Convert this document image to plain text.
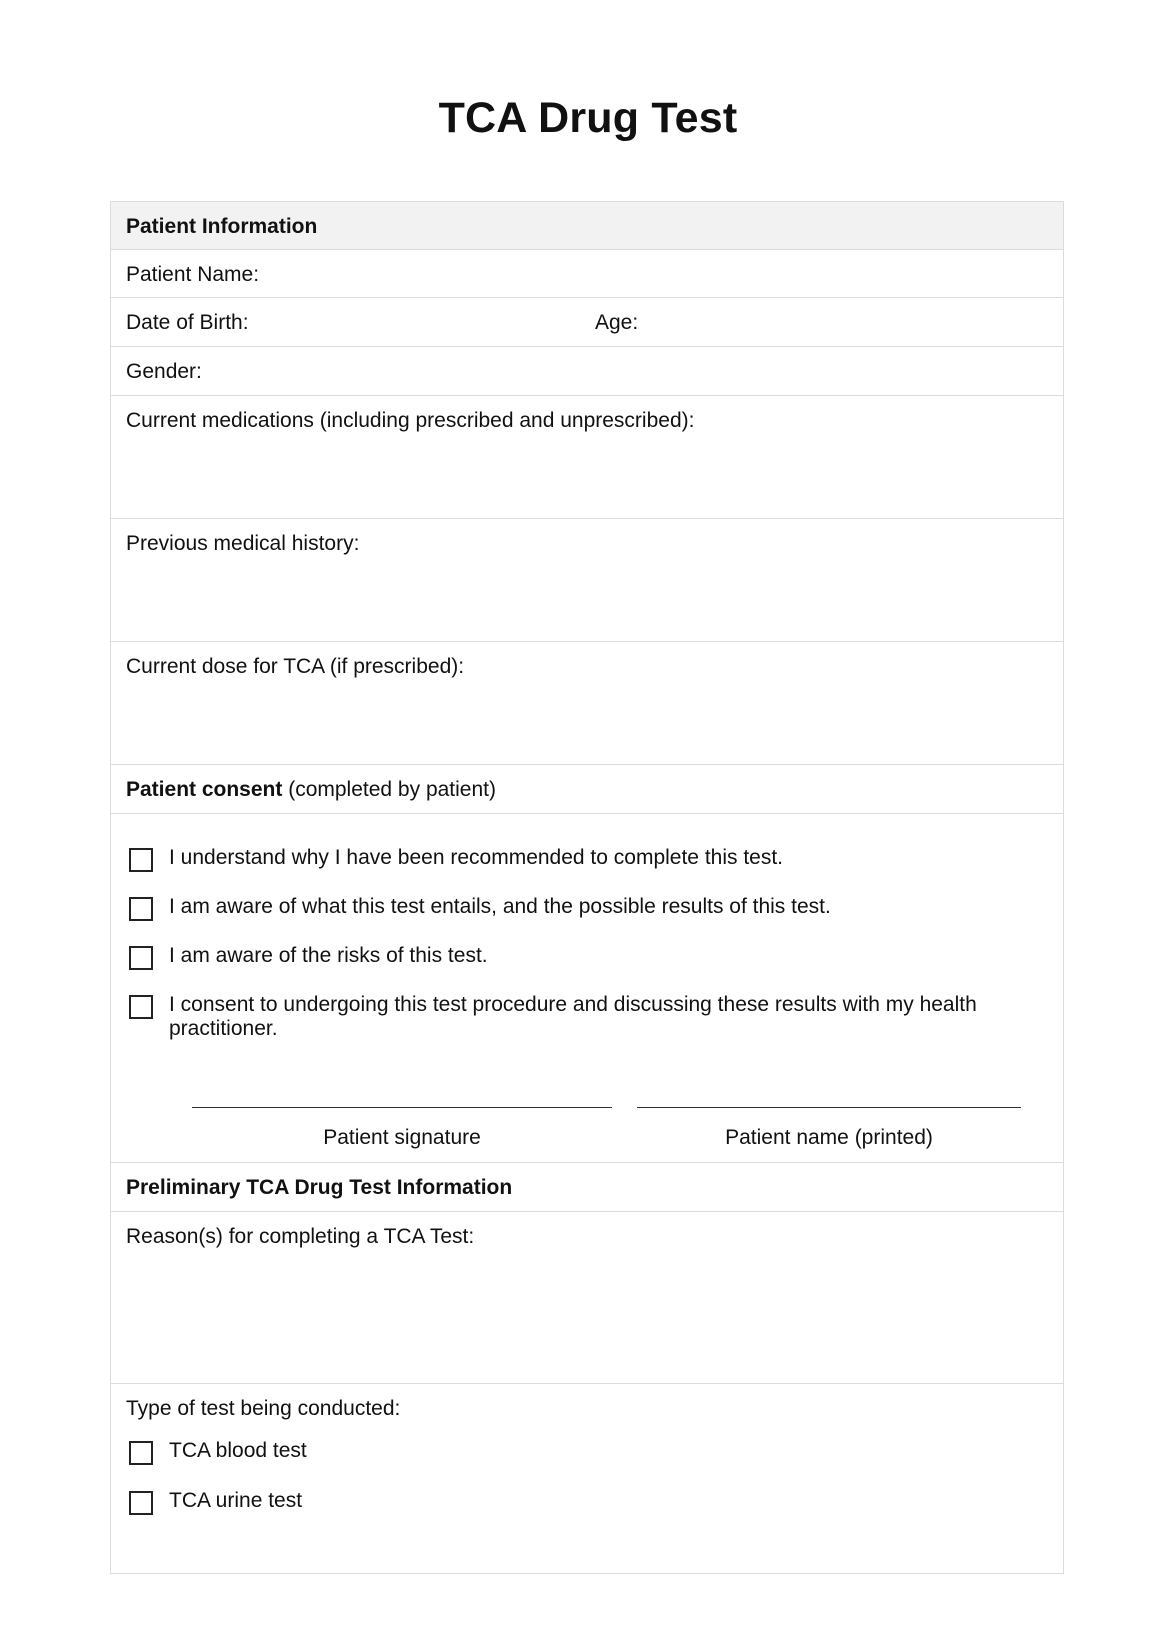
TCA Drug Test
Patient Information
Patient Name:
Date of Birth:	Age:
Gender:
Current medications (including prescribed and unprescribed):
Previous medical history:
Current dose for TCA (if prescribed):
Patient consent (completed by patient)
I understand why I have been recommended to complete this test.
I am aware of what this test entails, and the possible results of this test.
I am aware of the risks of this test.
I consent to undergoing this test procedure and discussing these results with my health practitioner.
Patient signature	Patient name (printed)
Preliminary TCA Drug Test Information
Reason(s) for completing a TCA Test:
Type of test being conducted:
TCA blood test
TCA urine test
